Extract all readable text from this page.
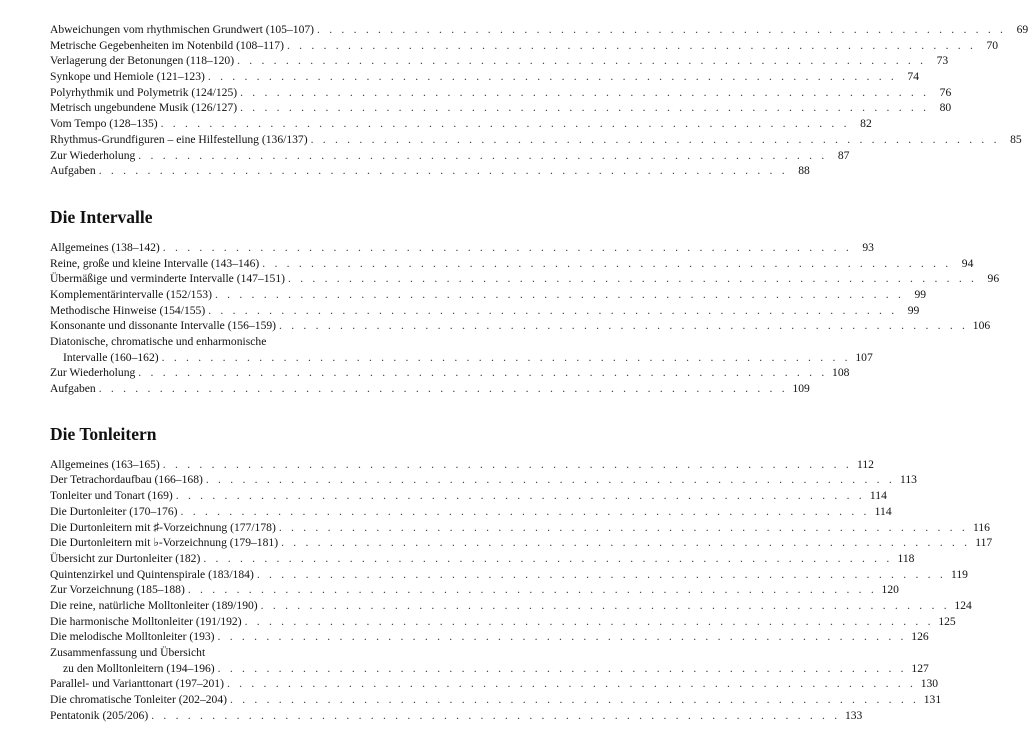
Abweichungen vom rhythmischen Grundwert (105–107) . . . . . . . . . . . . . . . . . . . . . . . . . . . . . . . . . . . . . . . . . . . . . . . . . . . . . . . . . 69
Metrische Gegebenheiten im Notenbild (108–117) . . . . . . . . . . . . . . . . . . . . . . . . . . . . . . . . . . . . . . . . . . . . . . . . . . . . . . . . . 70
Verlagerung der Betonungen (118–120) . . . . . . . . . . . . . . . . . . . . . . . . . . . . . . . . . . . . . . . . . . . . . . . . . . . . . . . . . 73
Synkope und Hemiole (121–123) . . . . . . . . . . . . . . . . . . . . . . . . . . . . . . . . . . . . . . . . . . . . . . . . . . . . . . . . . 74
Polyrhythmik und Polymetrik (124/125) . . . . . . . . . . . . . . . . . . . . . . . . . . . . . . . . . . . . . . . . . . . . . . . . . . . . . . . . . 76
Metrisch ungebundene Musik (126/127) . . . . . . . . . . . . . . . . . . . . . . . . . . . . . . . . . . . . . . . . . . . . . . . . . . . . . . . . . 80
Vom Tempo (128–135) . . . . . . . . . . . . . . . . . . . . . . . . . . . . . . . . . . . . . . . . . . . . . . . . . . . . . . . . . 82
Rhythmus-Grundfiguren – eine Hilfestellung (136/137) . . . . . . . . . . . . . . . . . . . . . . . . . . . . . . . . . . . . . . . . . . . . . . . . . . . . . . . . . 85
Zur Wiederholung . . . . . . . . . . . . . . . . . . . . . . . . . . . . . . . . . . . . . . . . . . . . . . . . . . . . . . . . . 87
Aufgaben . . . . . . . . . . . . . . . . . . . . . . . . . . . . . . . . . . . . . . . . . . . . . . . . . . . . . . . . . 88
Die Intervalle
Allgemeines (138–142) . . . . . . . . . . . . . . . . . . . . . . . . . . . . . . . . . . . . . . . . . . . . . . . . . . . . . . . . . 93
Reine, große und kleine Intervalle (143–146) . . . . . . . . . . . . . . . . . . . . . . . . . . . . . . . . . . . . . . . . . . . . . . . . . . . . . . . . . 94
Übermäßige und verminderte Intervalle (147–151) . . . . . . . . . . . . . . . . . . . . . . . . . . . . . . . . . . . . . . . . . . . . . . . . . . . . . . . . . 96
Komplementärintervalle (152/153) . . . . . . . . . . . . . . . . . . . . . . . . . . . . . . . . . . . . . . . . . . . . . . . . . . . . . . . . . 99
Methodische Hinweise (154/155) . . . . . . . . . . . . . . . . . . . . . . . . . . . . . . . . . . . . . . . . . . . . . . . . . . . . . . . . . 99
Konsonante und dissonante Intervalle (156–159) . . . . . . . . . . . . . . . . . . . . . . . . . . . . . . . . . . . . . . . . . . . . . . . . . . . . . . . . . 106
Diatonische, chromatische und enharmonische
Intervalle (160–162) . . . . . . . . . . . . . . . . . . . . . . . . . . . . . . . . . . . . . . . . . . . . . . . . . . . . . . . . . 107
Zur Wiederholung . . . . . . . . . . . . . . . . . . . . . . . . . . . . . . . . . . . . . . . . . . . . . . . . . . . . . . . . . 108
Aufgaben . . . . . . . . . . . . . . . . . . . . . . . . . . . . . . . . . . . . . . . . . . . . . . . . . . . . . . . . . 109
Die Tonleitern
Allgemeines (163–165) . . . . . . . . . . . . . . . . . . . . . . . . . . . . . . . . . . . . . . . . . . . . . . . . . . . . . . . . . 112
Der Tetrachordaufbau (166–168) . . . . . . . . . . . . . . . . . . . . . . . . . . . . . . . . . . . . . . . . . . . . . . . . . . . . . . . . . 113
Tonleiter und Tonart (169) . . . . . . . . . . . . . . . . . . . . . . . . . . . . . . . . . . . . . . . . . . . . . . . . . . . . . . . . . 114
Die Durtonleiter (170–176) . . . . . . . . . . . . . . . . . . . . . . . . . . . . . . . . . . . . . . . . . . . . . . . . . . . . . . . . . 114
Die Durtonleitern mit ♯-Vorzeichnung (177/178) . . . . . . . . . . . . . . . . . . . . . . . . . . . . . . . . . . . . . . . . . . . . . . . . . . . . . . . . . 116
Die Durtonleitern mit ♭-Vorzeichnung (179–181) . . . . . . . . . . . . . . . . . . . . . . . . . . . . . . . . . . . . . . . . . . . . . . . . . . . . . . . . . 117
Übersicht zur Durtonleiter (182) . . . . . . . . . . . . . . . . . . . . . . . . . . . . . . . . . . . . . . . . . . . . . . . . . . . . . . . . . 118
Quintenzirkel und Quintenspirale (183/184) . . . . . . . . . . . . . . . . . . . . . . . . . . . . . . . . . . . . . . . . . . . . . . . . . . . . . . . . . 119
Zur Vorzeichnung (185–188) . . . . . . . . . . . . . . . . . . . . . . . . . . . . . . . . . . . . . . . . . . . . . . . . . . . . . . . . . 120
Die reine, natürliche Molltonleiter (189/190) . . . . . . . . . . . . . . . . . . . . . . . . . . . . . . . . . . . . . . . . . . . . . . . . . . . . . . . . . 124
Die harmonische Molltonleiter (191/192) . . . . . . . . . . . . . . . . . . . . . . . . . . . . . . . . . . . . . . . . . . . . . . . . . . . . . . . . . 125
Die melodische Molltonleiter (193) . . . . . . . . . . . . . . . . . . . . . . . . . . . . . . . . . . . . . . . . . . . . . . . . . . . . . . . . . 126
Zusammenfassung und Übersicht
zu den Molltonleitern (194–196) . . . . . . . . . . . . . . . . . . . . . . . . . . . . . . . . . . . . . . . . . . . . . . . . . . . . . . . . . 127
Parallel- und Varianttonart (197–201) . . . . . . . . . . . . . . . . . . . . . . . . . . . . . . . . . . . . . . . . . . . . . . . . . . . . . . . . . 130
Die chromatische Tonleiter (202–204) . . . . . . . . . . . . . . . . . . . . . . . . . . . . . . . . . . . . . . . . . . . . . . . . . . . . . . . . . 131
Pentatonik (205/206) . . . . . . . . . . . . . . . . . . . . . . . . . . . . . . . . . . . . . . . . . . . . . . . . . . . . . . . . . 133
